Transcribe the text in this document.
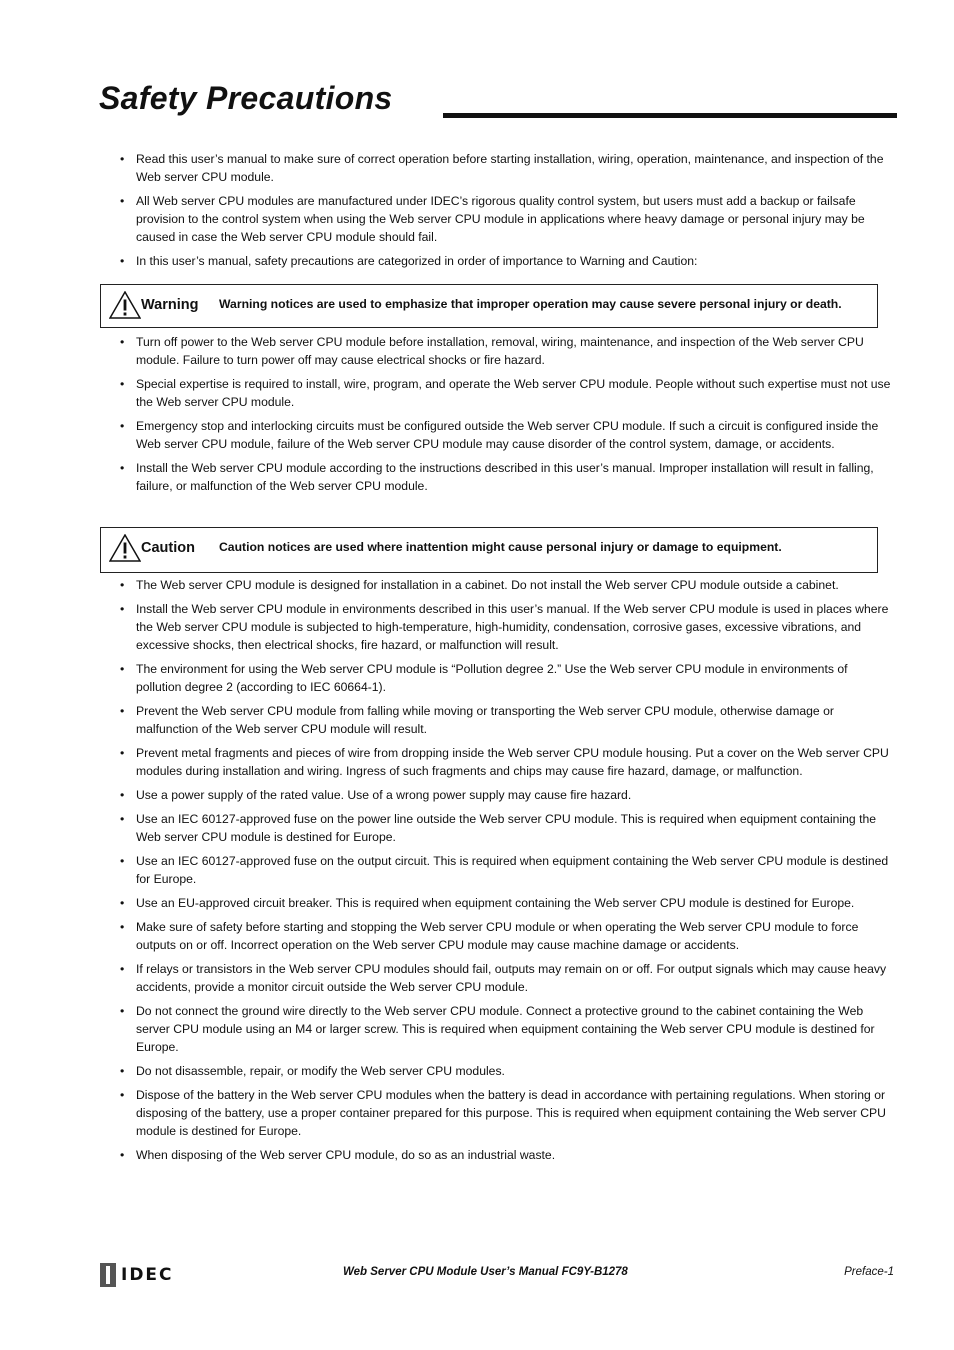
Safety Precautions
• Read this user’s manual to make sure of correct operation before starting installation, wiring, operation, maintenance, and inspection of the Web server CPU module.
• All Web server CPU modules are manufactured under IDEC’s rigorous quality control system, but users must add a backup or failsafe provision to the control system when using the Web server CPU module in applications where heavy damage or personal injury may be caused in case the Web server CPU module should fail.
• In this user’s manual, safety precautions are categorized in order of importance to Warning and Caution:
Warning Warning notices are used to emphasize that improper operation may cause severe personal injury or death.
• Turn off power to the Web server CPU module before installation, removal, wiring, maintenance, and inspection of the Web server CPU module. Failure to turn power off may cause electrical shocks or fire hazard.
• Special expertise is required to install, wire, program, and operate the Web server CPU module. People without such expertise must not use the Web server CPU module.
• Emergency stop and interlocking circuits must be configured outside the Web server CPU module. If such a circuit is configured inside the Web server CPU module, failure of the Web server CPU module may cause disorder of the control system, damage, or accidents.
• Install the Web server CPU module according to the instructions described in this user’s manual. Improper installation will result in falling, failure, or malfunction of the Web server CPU module.
Caution Caution notices are used where inattention might cause personal injury or damage to equipment.
• The Web server CPU module is designed for installation in a cabinet. Do not install the Web server CPU module outside a cabinet.
• Install the Web server CPU module in environments described in this user’s manual. If the Web server CPU module is used in places where the Web server CPU module is subjected to high-temperature, high-humidity, condensation, corrosive gases, excessive vibrations, and excessive shocks, then electrical shocks, fire hazard, or malfunction will result.
• The environment for using the Web server CPU module is “Pollution degree 2.” Use the Web server CPU module in environments of pollution degree 2 (according to IEC 60664-1).
• Prevent the Web server CPU module from falling while moving or transporting the Web server CPU module, otherwise damage or malfunction of the Web server CPU module will result.
• Prevent metal fragments and pieces of wire from dropping inside the Web server CPU module housing. Put a cover on the Web server CPU modules during installation and wiring. Ingress of such fragments and chips may cause fire hazard, damage, or malfunction.
• Use a power supply of the rated value. Use of a wrong power supply may cause fire hazard.
• Use an IEC 60127-approved fuse on the power line outside the Web server CPU module. This is required when equipment containing the Web server CPU module is destined for Europe.
• Use an IEC 60127-approved fuse on the output circuit. This is required when equipment containing the Web server CPU module is destined for Europe.
• Use an EU-approved circuit breaker. This is required when equipment containing the Web server CPU module is destined for Europe.
• Make sure of safety before starting and stopping the Web server CPU module or when operating the Web server CPU module to force outputs on or off. Incorrect operation on the Web server CPU module may cause machine damage or accidents.
• If relays or transistors in the Web server CPU modules should fail, outputs may remain on or off. For output signals which may cause heavy accidents, provide a monitor circuit outside the Web server CPU module.
• Do not connect the ground wire directly to the Web server CPU module. Connect a protective ground to the cabinet containing the Web server CPU module using an M4 or larger screw. This is required when equipment containing the Web server CPU module is destined for Europe.
• Do not disassemble, repair, or modify the Web server CPU modules.
• Dispose of the battery in the Web server CPU modules when the battery is dead in accordance with pertaining regulations. When storing or disposing of the battery, use a proper container prepared for this purpose. This is required when equipment containing the Web server CPU module is destined for Europe.
• When disposing of the Web server CPU module, do so as an industrial waste.
IDEC	Web Server CPU Module User’s Manual FC9Y-B1278	Preface-1
